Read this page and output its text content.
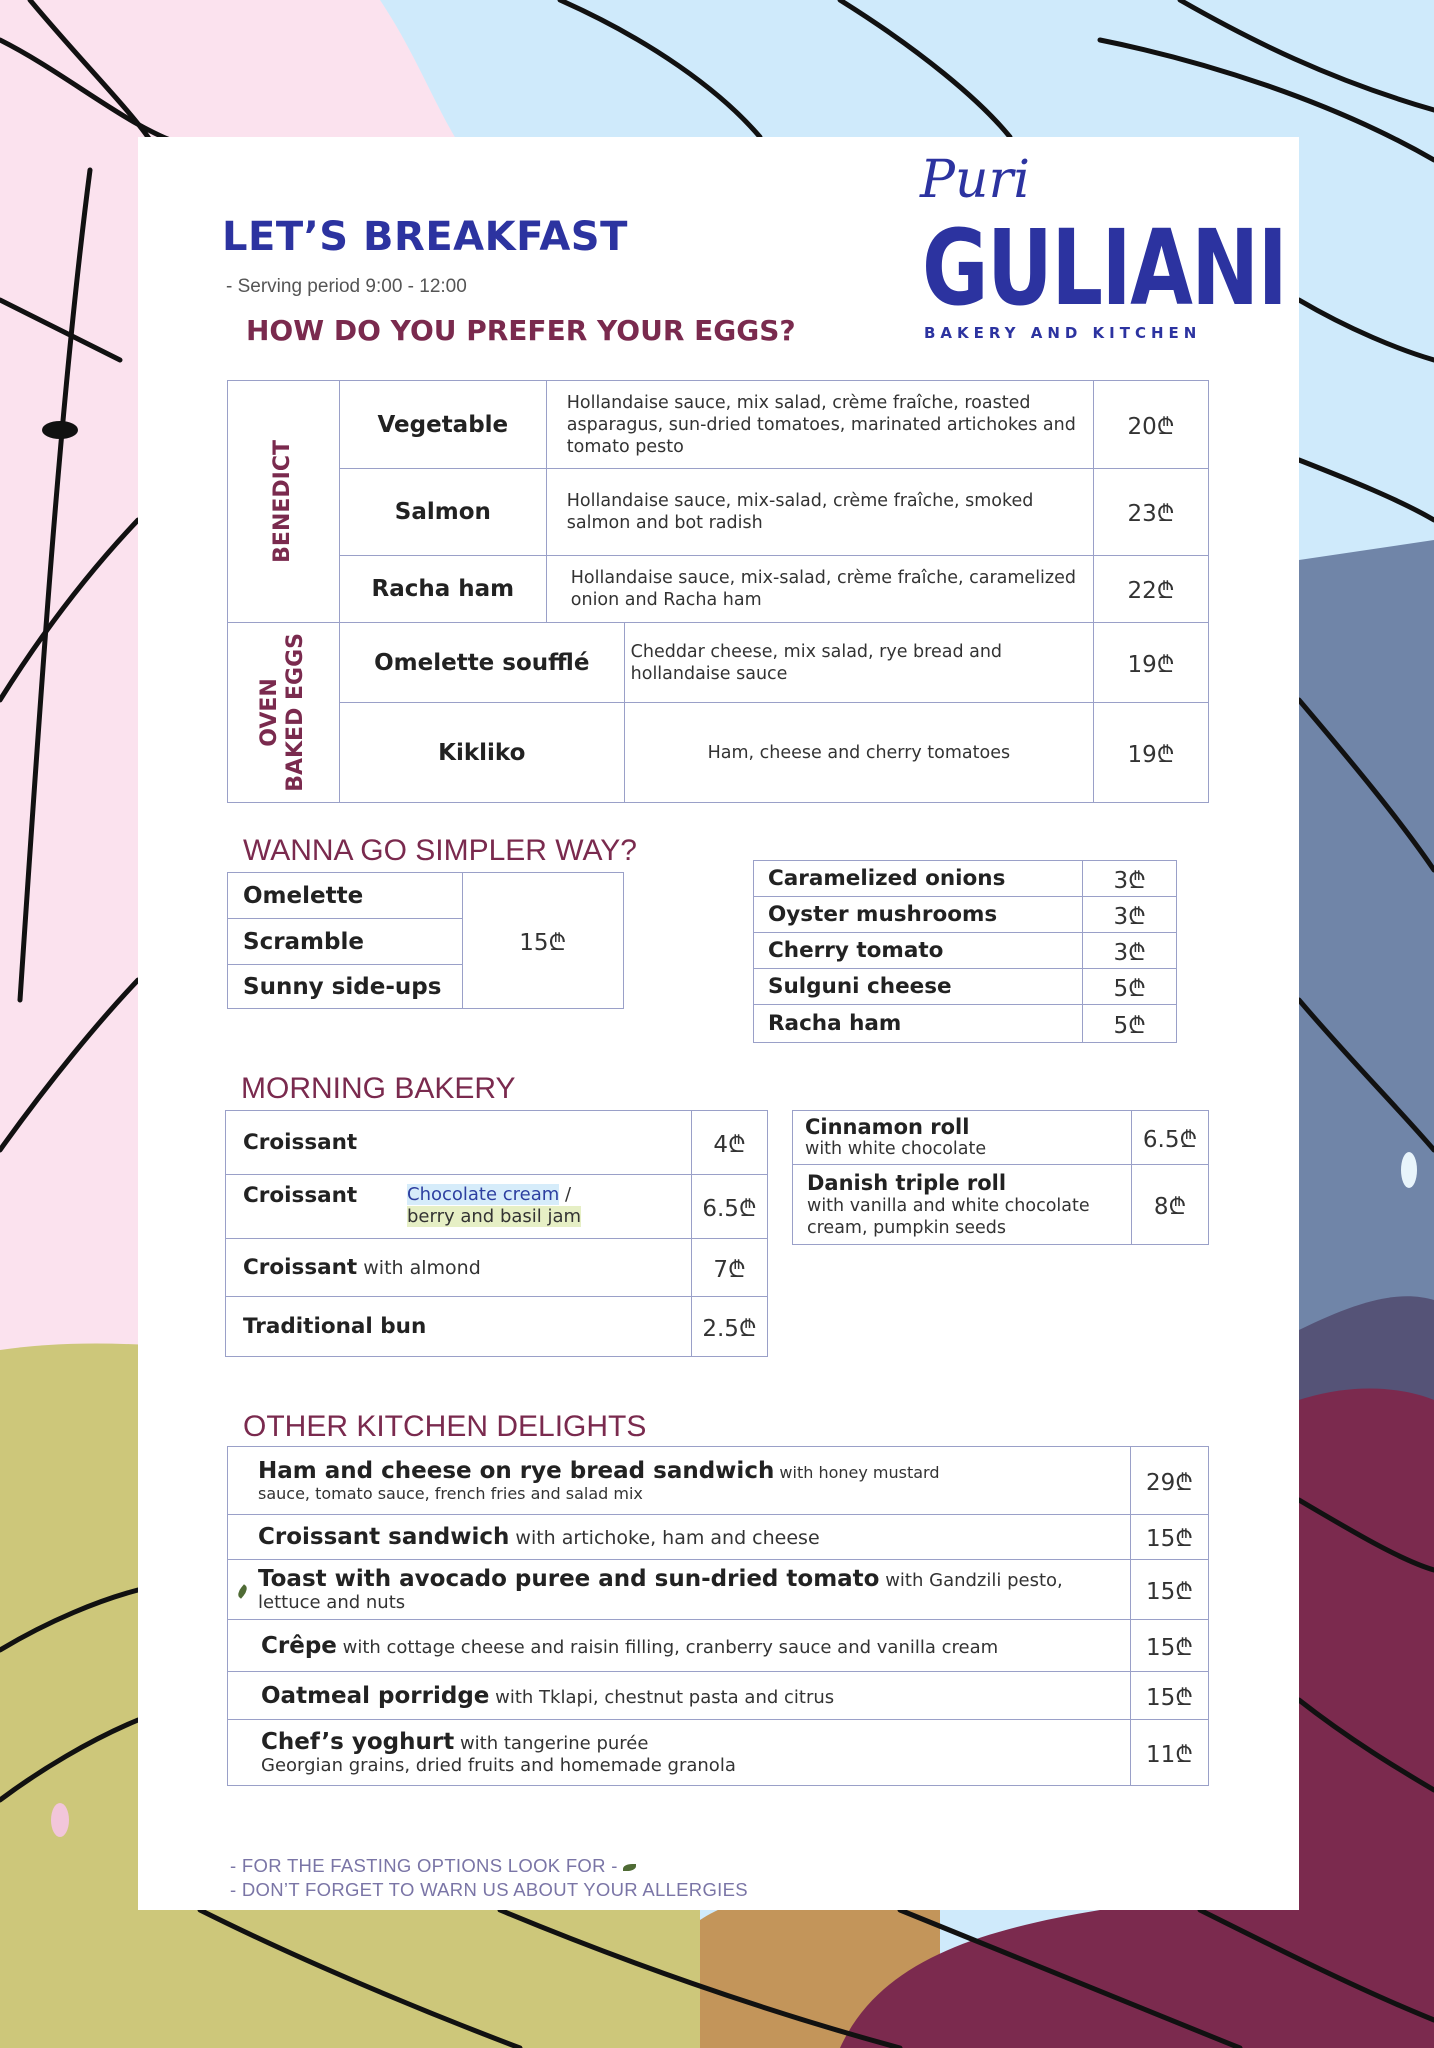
LET’S BREAKFAST
- Serving period 9:00 - 12:00
HOW DO YOU PREFER YOUR EGGS?
Puri
GULIANI
BAKERY AND KITCHEN
BENEDICT	Vegetable	Hollandaise sauce, mix salad, crème fraîche, roasted asparagus, sun-dried tomatoes, marinated artichokes and tomato pesto		20₾
	Salmon	Hollandaise sauce, mix-salad, crème fraîche, smoked salmon and bot radish		23₾
	Racha ham	Hollandaise sauce, mix-salad, crème fraîche, caramelized onion and Racha ham		22₾

OVEN
BAKED EGGS	Omelette soufflé		Cheddar cheese, mix salad, rye bread and hollandaise sauce	19₾
	Kikliko		Ham, cheese and cherry tomatoes	19₾
WANNA GO SIMPLER WAY?
Omelette	15₾
Scramble
Sunny side-ups
Caramelized onions	3₾
Oyster mushrooms	3₾
Cherry tomato	3₾
Sulguni cheese	5₾
Racha ham	5₾
MORNING BAKERY
Croissant	4₾

Croissant Chocolate cream /
berry and basil jam	6.5₾
Croissant with almond	7₾
Traditional bun	2.5₾
Cinnamon roll
with white chocolate	6.5₾

Danish triple roll
with vanilla and white chocolate cream, pumpkin seeds	8₾
OTHER KITCHEN DELIGHTS
Ham and cheese on rye bread sandwich with honey mustard
sauce, tomato sauce, french fries and salad mix	29₾
Croissant sandwich with artichoke, ham and cheese	15₾

Toast with avocado puree and sun-dried tomato with Gandzili pesto,
lettuce and nuts	15₾
Crêpe with cottage cheese and raisin filling, cranberry sauce and vanilla cream	15₾
Oatmeal porridge with Tklapi, chestnut pasta and citrus	15₾

Chef’s yoghurt with tangerine purée
Georgian grains, dried fruits and homemade granola	11₾
- FOR THE FASTING OPTIONS LOOK FOR -
- DON’T FORGET TO WARN US ABOUT YOUR ALLERGIES
